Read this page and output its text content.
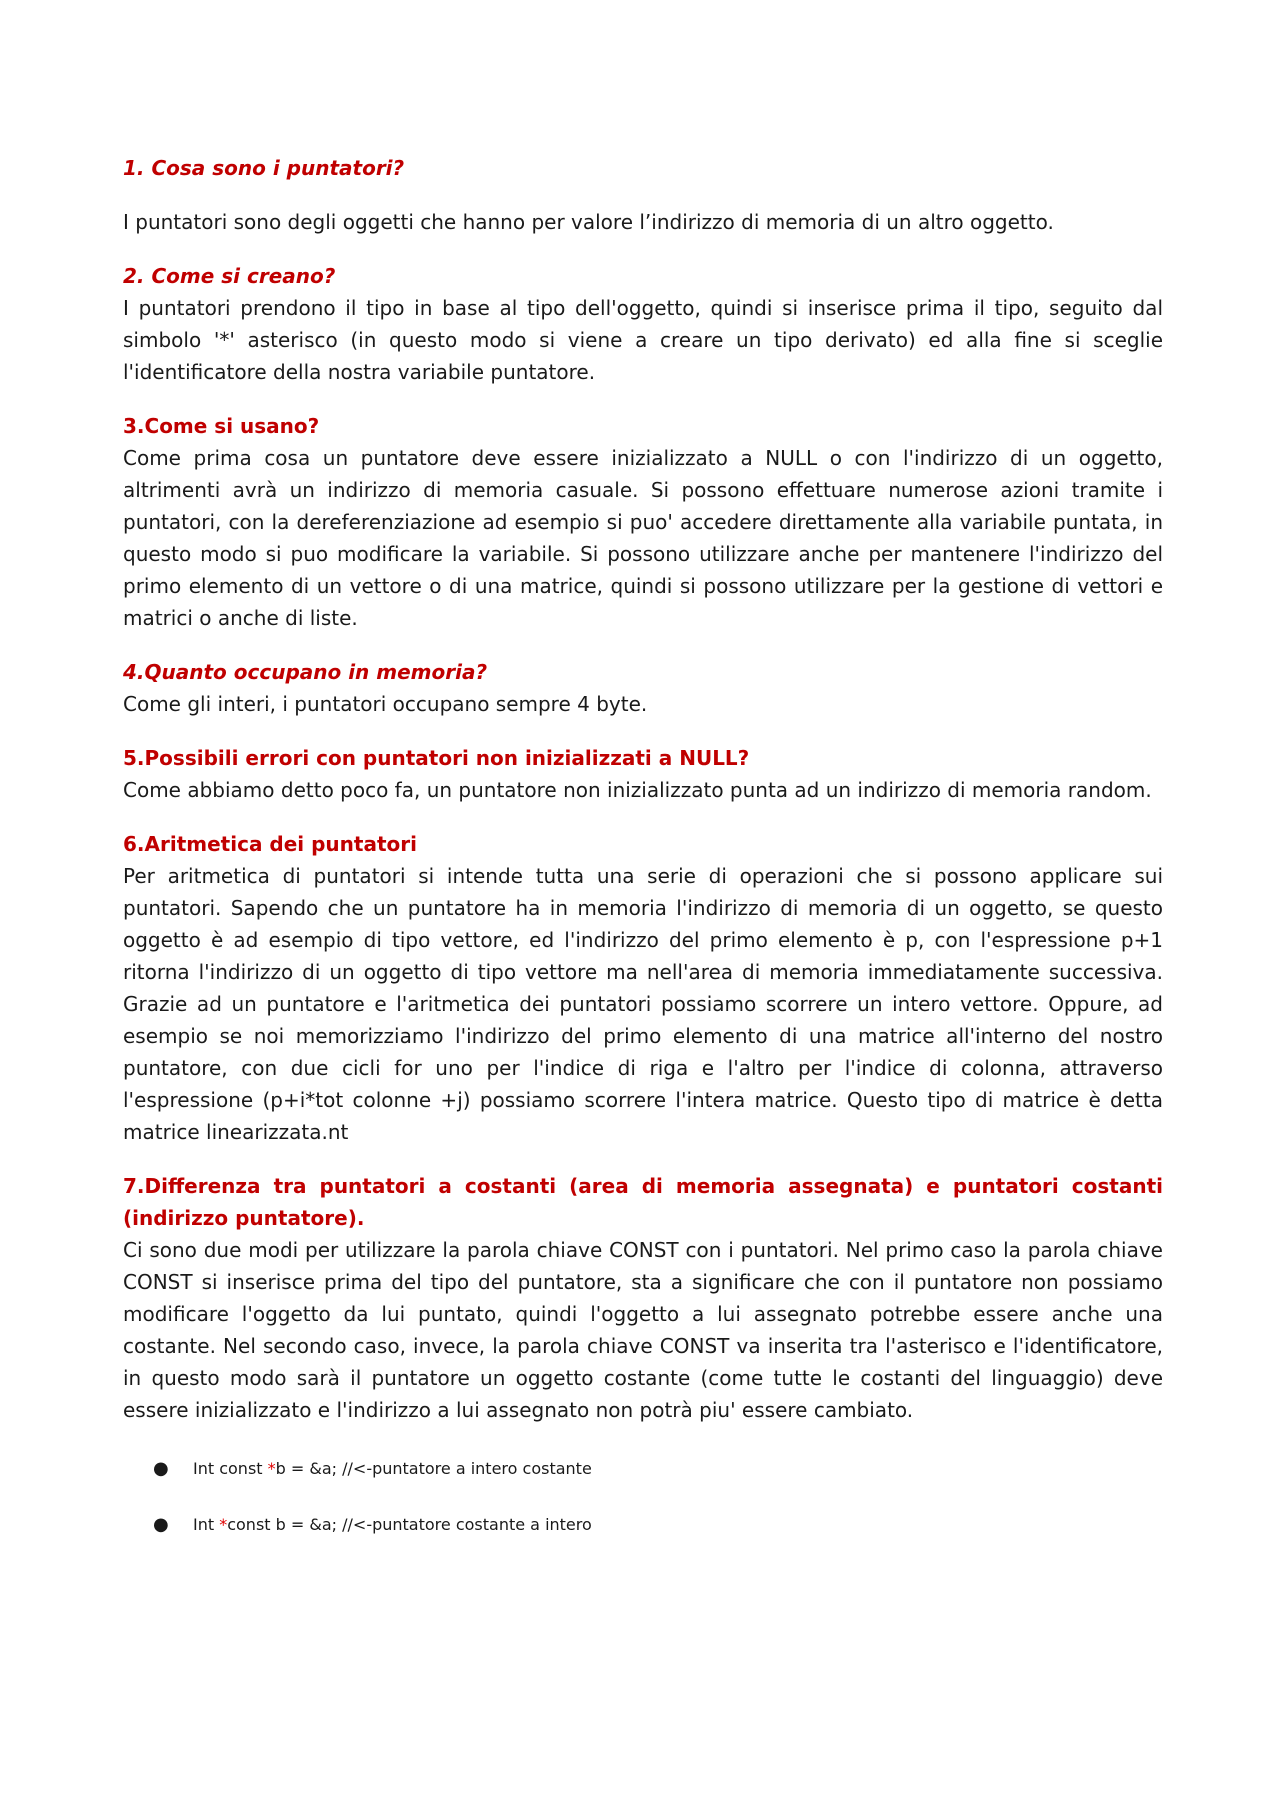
1. Cosa sono i puntatori?

I puntatori sono degli oggetti che hanno per valore l’indirizzo di memoria di un altro oggetto.

2. Come si creano?

I puntatori prendono il tipo in base al tipo dell'oggetto, quindi si inserisce prima il tipo, seguito dal simbolo '*' asterisco (in questo modo si viene a creare un tipo derivato) ed alla fine si sceglie l'identificatore della nostra variabile puntatore.

3.Come si usano?

Come prima cosa un puntatore deve essere inizializzato a NULL o con l'indirizzo di un oggetto, altrimenti avrà un indirizzo di memoria casuale. Si possono effettuare numerose azioni tramite i puntatori, con la dereferenziazione ad esempio si puo' accedere direttamente alla variabile puntata, in questo modo si puo modificare la variabile. Si possono utilizzare anche per mantenere l'indirizzo del primo elemento di un vettore o di una matrice, quindi si possono utilizzare per la gestione di vettori e matrici o anche di liste.

4.Quanto occupano in memoria?

Come gli interi, i puntatori occupano sempre 4 byte.

5.Possibili errori con puntatori non inizializzati a NULL?

Come abbiamo detto poco fa, un puntatore non inizializzato punta ad un indirizzo di memoria random.

6.Aritmetica dei puntatori

Per aritmetica di puntatori si intende tutta una serie di operazioni che si possono applicare sui puntatori. Sapendo che un puntatore ha in memoria l'indirizzo di memoria di un oggetto, se questo oggetto è ad esempio di tipo vettore, ed l'indirizzo del primo elemento è p, con l'espressione p+1 ritorna l'indirizzo di un oggetto di tipo vettore ma nell'area di memoria immediatamente successiva. Grazie ad un puntatore e l'aritmetica dei puntatori possiamo scorrere un intero vettore. Oppure, ad esempio se noi memorizziamo l'indirizzo del primo elemento di una matrice all'interno del nostro puntatore, con due cicli for uno per l'indice di riga e l'altro per l'indice di colonna, attraverso l'espressione (p+i*tot colonne +j) possiamo scorrere l'intera matrice. Questo tipo di matrice è detta matrice linearizzata.nt

7.Differenza tra puntatori a costanti (area di memoria assegnata) e puntatori costanti (indirizzo puntatore).

Ci sono due modi per utilizzare la parola chiave CONST con i puntatori. Nel primo caso la parola chiave CONST si inserisce prima del tipo del puntatore, sta a significare che con il puntatore non possiamo modificare l'oggetto da lui puntato, quindi l'oggetto a lui assegnato potrebbe essere anche una costante. Nel secondo caso, invece, la parola chiave CONST va inserita tra l'asterisco e l'identificatore, in questo modo sarà il puntatore un oggetto costante (come tutte le costanti del linguaggio) deve essere inizializzato e l'indirizzo a lui assegnato non potrà piu' essere cambiato.

● Int const *b = &a; //<-puntatore a intero costante
● Int *const b = &a; //<-puntatore costante a intero
